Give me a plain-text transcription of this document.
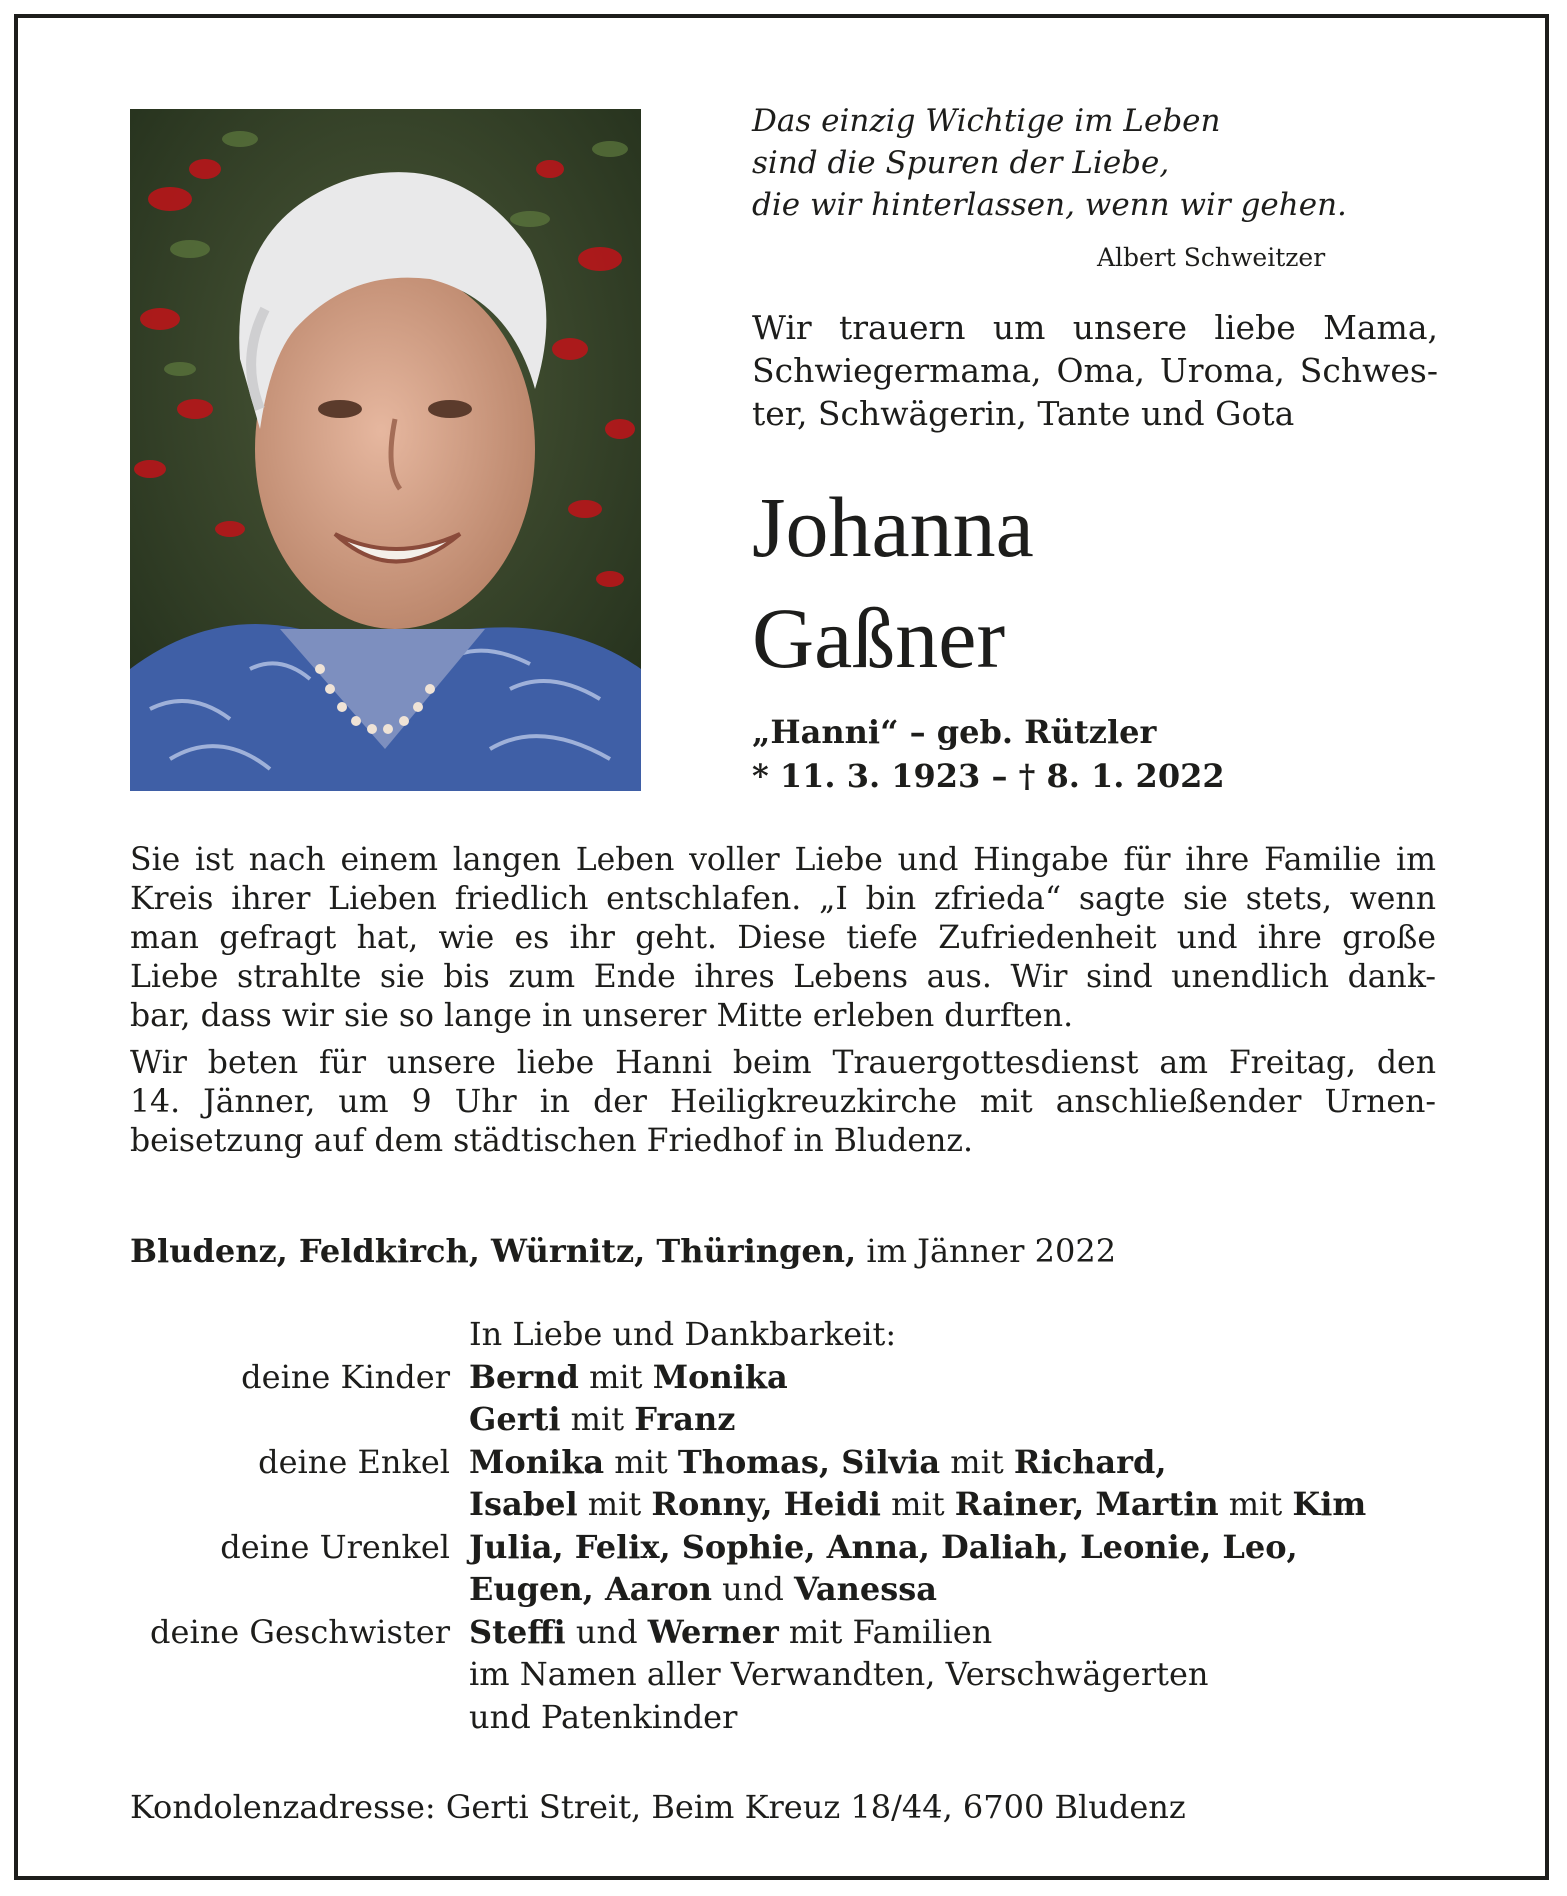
Das einzig Wichtige im Leben
sind die Spuren der Liebe,
die wir hinterlassen, wenn wir gehen.
Albert Schweitzer
Wir trauern um unsere liebe Mama,
Schwiegermama, Oma, Uroma, Schwes-
ter, Schwägerin, Tante und Gota
Johanna
Gaßner
„Hanni“ – geb. Rützler
* 11. 3. 1923 – † 8. 1. 2022
Sie ist nach einem langen Leben voller Liebe und Hingabe für ihre Familie im
Kreis ihrer Lieben friedlich entschlafen. „I bin zfrieda“ sagte sie stets, wenn
man gefragt hat, wie es ihr geht. Diese tiefe Zufriedenheit und ihre große
Liebe strahlte sie bis zum Ende ihres Lebens aus. Wir sind unendlich dank-
bar, dass wir sie so lange in unserer Mitte erleben durften.
Wir beten für unsere liebe Hanni beim Trauergottesdienst am Freitag, den
14. Jänner, um 9 Uhr in der Heiligkreuzkirche mit anschließender Urnen-
beisetzung auf dem städtischen Friedhof in Bludenz.
Bludenz, Feldkirch, Würnitz, Thüringen, im Jänner 2022
In Liebe und Dankbarkeit:
deine Kinder Bernd mit Monika
Gerti mit Franz
deine Enkel Monika mit Thomas, Silvia mit Richard,
Isabel mit Ronny, Heidi mit Rainer, Martin mit Kim
deine Urenkel Julia, Felix, Sophie, Anna, Daliah, Leonie, Leo,
Eugen, Aaron und Vanessa
deine Geschwister Steffi und Werner mit Familien
im Namen aller Verwandten, Verschwägerten
und Patenkinder
Kondolenzadresse: Gerti Streit, Beim Kreuz 18/44, 6700 Bludenz
